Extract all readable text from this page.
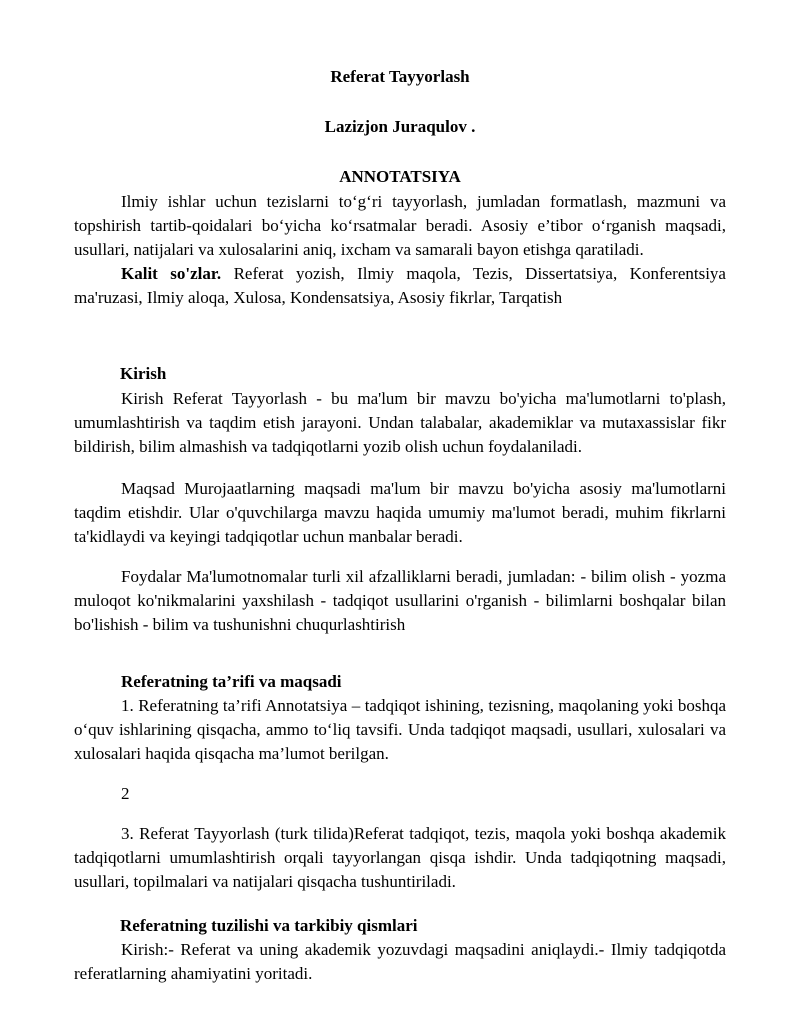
Referat Tayyorlash
Lazizjon Juraqulov .
ANNOTATSIYA

Ilmiy ishlar uchun tezislarni to‘g‘ri tayyorlash, jumladan formatlash, mazmuni va topshirish tartib-qoidalari bo‘yicha ko‘rsatmalar beradi. Asosiy e’tibor o‘rganish maqsadi, usullari, natijalari va xulosalarini aniq, ixcham va samarali bayon etishga qaratiladi.

Kalit so'zlar. Referat yozish, Ilmiy maqola, Tezis, Dissertatsiya, Konferentsiya ma'ruzasi, Ilmiy aloqa, Xulosa, Kondensatsiya, Asosiy fikrlar, Tarqatish

Kirish

Kirish Referat Tayyorlash - bu ma'lum bir mavzu bo'yicha ma'lumotlarni to'plash, umumlashtirish va taqdim etish jarayoni. Undan talabalar, akademiklar va mutaxassislar fikr bildirish, bilim almashish va tadqiqotlarni yozib olish uchun foydalaniladi.

Maqsad Murojaatlarning maqsadi ma'lum bir mavzu bo'yicha asosiy ma'lumotlarni taqdim etishdir. Ular o'quvchilarga mavzu haqida umumiy ma'lumot beradi, muhim fikrlarni ta'kidlaydi va keyingi tadqiqotlar uchun manbalar beradi.

Foydalar Ma'lumotnomalar turli xil afzalliklarni beradi, jumladan: - bilim olish - yozma muloqot ko'nikmalarini yaxshilash - tadqiqot usullarini o'rganish - bilimlarni boshqalar bilan bo'lishish - bilim va tushunishni chuqurlashtirish

Referatning ta’rifi va maqsadi

1. Referatning ta’rifi Annotatsiya – tadqiqot ishining, tezisning, maqolaning yoki boshqa o‘quv ishlarining qisqacha, ammo to‘liq tavsifi. Unda tadqiqot maqsadi, usullari, xulosalari va xulosalari haqida qisqacha ma’lumot berilgan.

2

3. Referat Tayyorlash (turk tilida)Referat tadqiqot, tezis, maqola yoki boshqa akademik tadqiqotlarni umumlashtirish orqali tayyorlangan qisqa ishdir. Unda tadqiqotning maqsadi, usullari, topilmalari va natijalari qisqacha tushuntiriladi.

Referatning tuzilishi va tarkibiy qismlari

Kirish:- Referat va uning akademik yozuvdagi maqsadini aniqlaydi.- Ilmiy tadqiqotda referatlarning ahamiyatini yoritadi.
